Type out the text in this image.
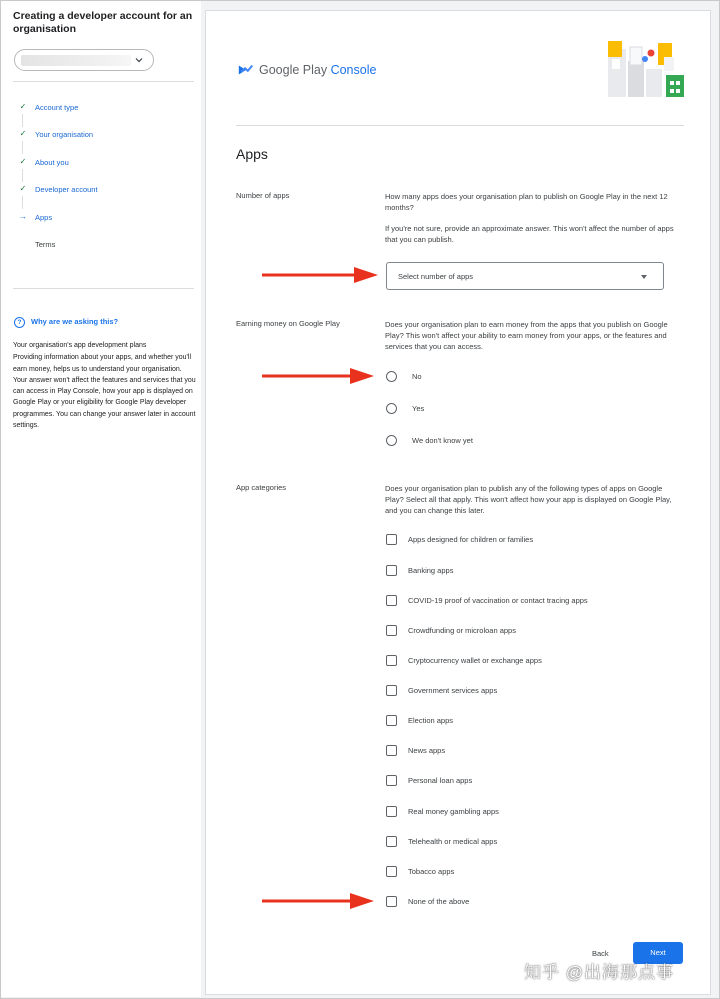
Creating a developer account for an organisation
✓ Account type
✓ Your organisation
✓ About you
✓ Developer account
→ Apps
Terms
?	Why are we asking this?
Your organisation's app development plans
Providing information about your apps, and whether you'll earn money, helps us to understand your organisation. Your answer won't affect the features and services that you can access in Play Console, how your app is displayed on Google Play or your eligibility for Google Play developer programmes. You can change your answer later in account settings.
Google Play Console
Apps
Number of apps	How many apps does your organisation plan to publish on Google Play in the next 12 months?
If you're not sure, provide an approximate answer. This won't affect the number of apps that you can publish.
Select number of apps
Earning money on Google Play	Does your organisation plan to earn money from the apps that you publish on Google Play? This won't affect your ability to earn money from your apps, or the features and services that you can access.
No
Yes
We don't know yet
App categories	Does your organisation plan to publish any of the following types of apps on Google Play? Select all that apply. This won't affect how your app is displayed on Google Play, and you can change this later.
Apps designed for children or families
Banking apps
COVID-19 proof of vaccination or contact tracing apps
Crowdfunding or microloan apps
Cryptocurrency wallet or exchange apps
Government services apps
Election apps
News apps
Personal loan apps
Real money gambling apps
Telehealth or medical apps
Tobacco apps
None of the above
Back	Next
知乎 @出海那点事
